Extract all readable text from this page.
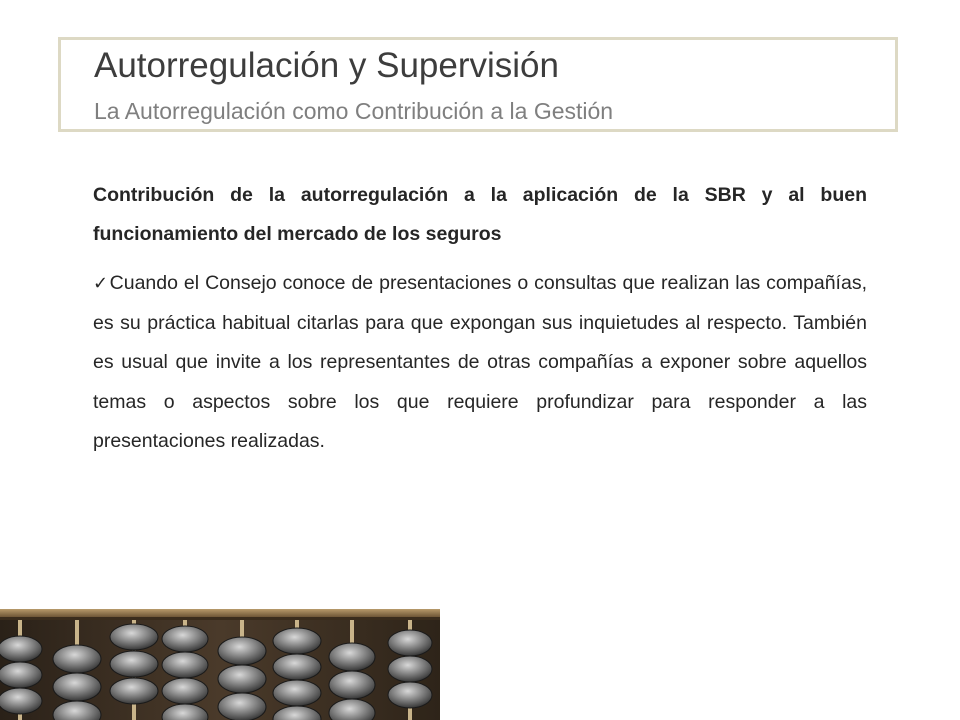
Autorregulación y Supervisión
La Autorregulación como Contribución a la Gestión

Contribución de la autorregulación a la aplicación de la SBR y al buen funcionamiento del mercado de los seguros

✓Cuando el Consejo conoce de presentaciones o consultas que realizan las compañías, es su práctica habitual citarlas para que expongan sus inquietudes al respecto. También es usual que invite a los representantes de otras compañías a exponer sobre aquellos temas o aspectos sobre los que requiere profundizar para responder a las presentaciones realizadas.
